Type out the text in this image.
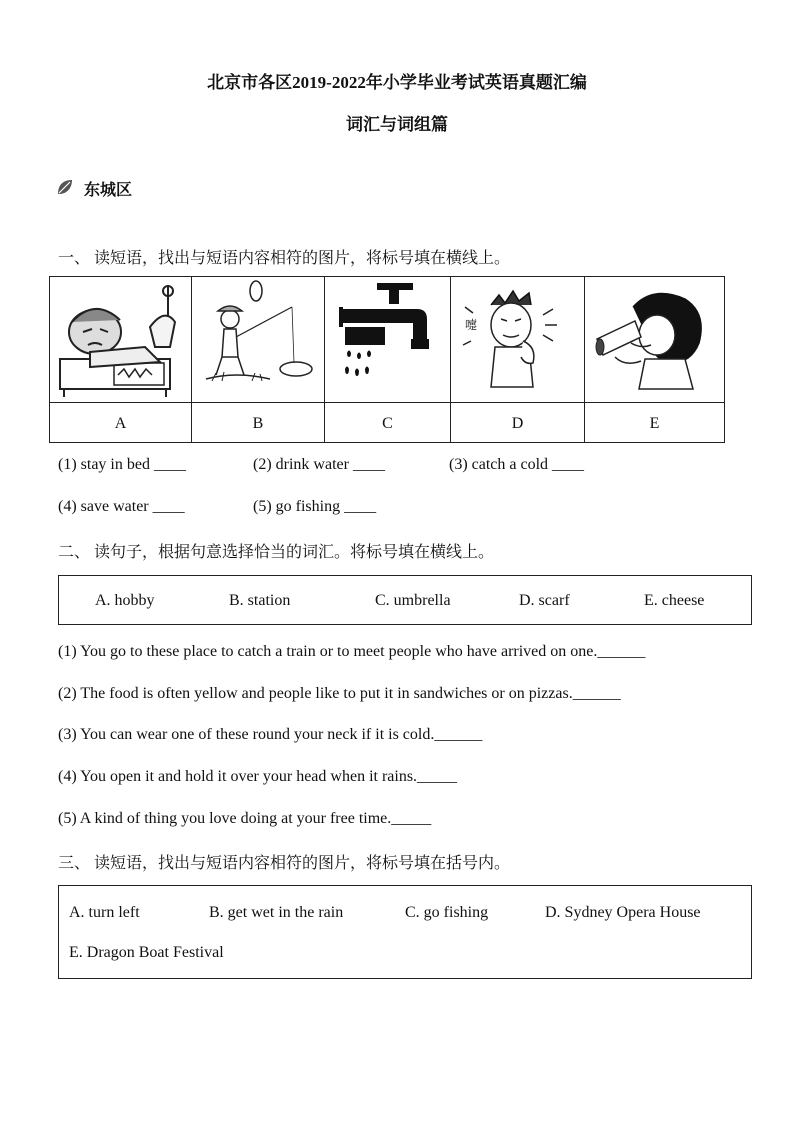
北京市各区2019-2022年小学毕业考试英语真题汇编
词汇与词组篇
东城区
一、 读短语，找出与短语内容相符的图片，将标号填在横线上。
嚏
A	B	C	D	E
(1) stay in bed ____	(2) drink water ____	(3) catch a cold ____
(4) save water ____	(5) go fishing ____
二、 读句子，根据句意选择恰当的词汇。将标号填在横线上。
A. hobby	B. station	C. umbrella	D. scarf	E. cheese
(1) You go to these place to catch a train or to meet people who have arrived on one.______
(2) The food is often yellow and people like to put it in sandwiches or on pizzas.______
(3) You can wear one of these round your neck if it is cold.______
(4) You open it and hold it over your head when it rains._____
(5) A kind of thing you love doing at your free time._____
三、 读短语，找出与短语内容相符的图片，将标号填在括号内。
A. turn left	B. get wet in the rain	C. go fishing	D. Sydney Opera House
E. Dragon Boat Festival
